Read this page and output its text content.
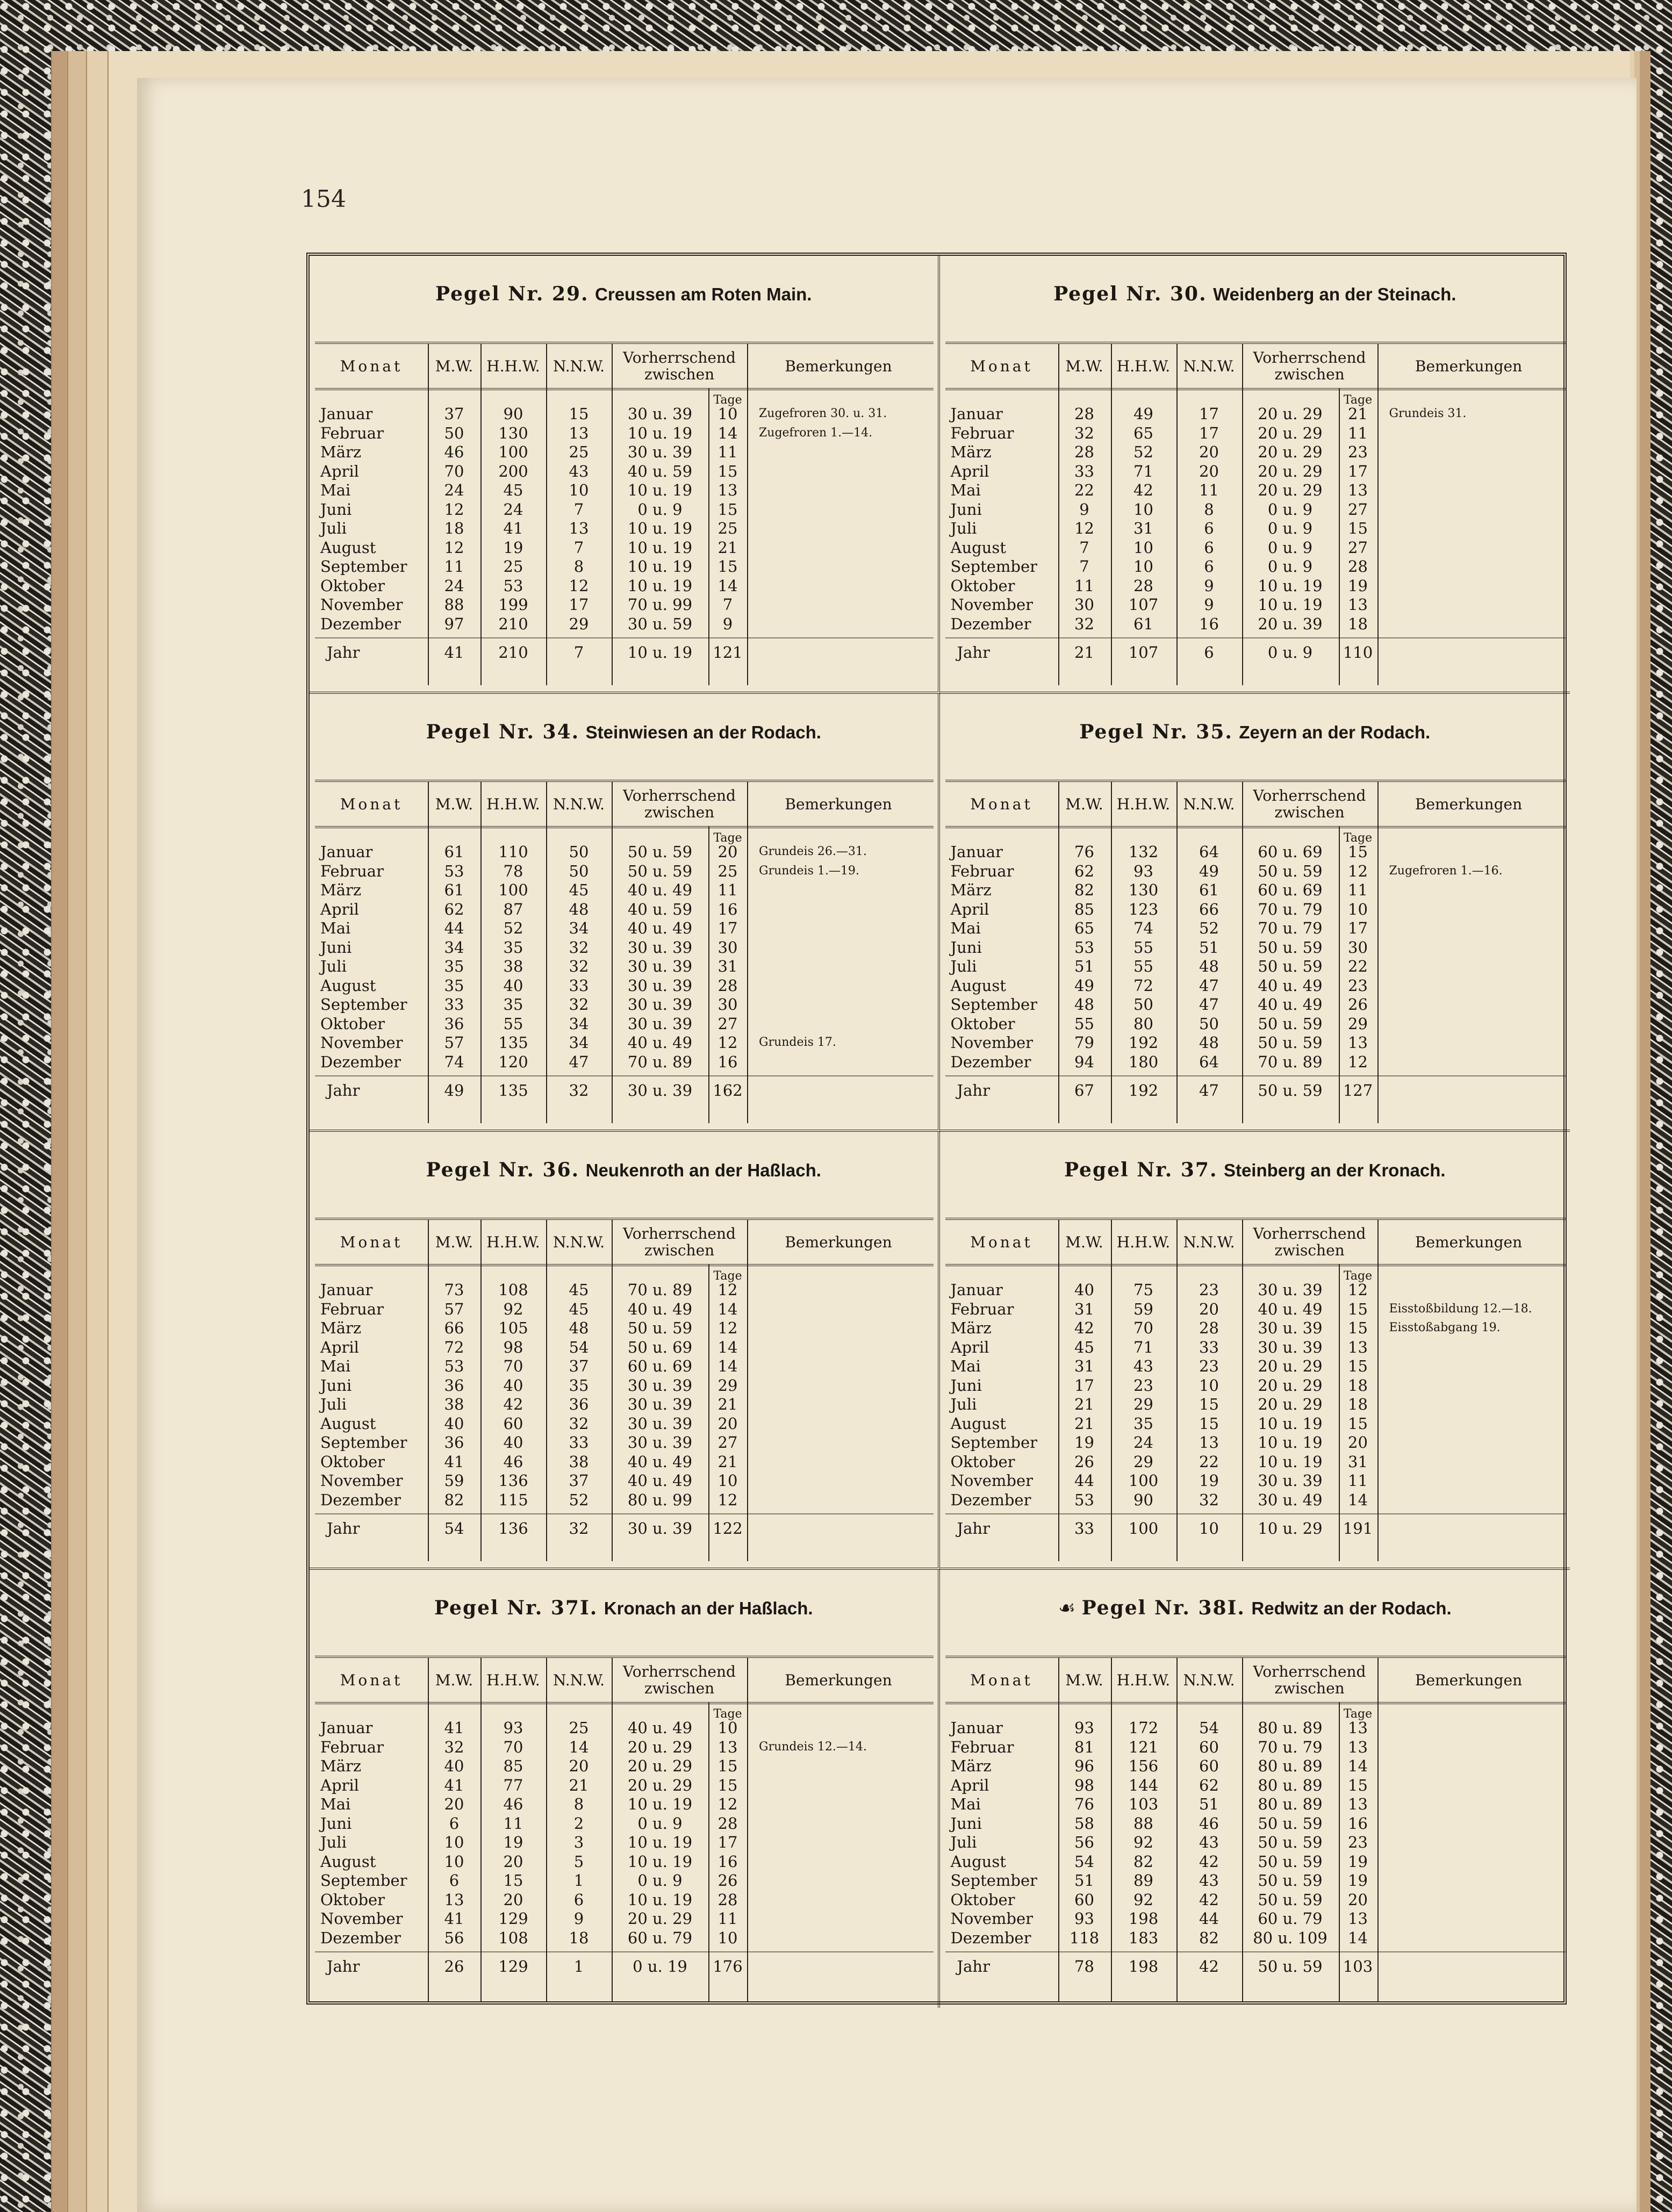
154
Pegel Nr. 29. Creussen am Roten Main.
Monat	M.W. H.H.W. N.N.W.	Vorherrschend zwischen	Bemerkungen
Tage
Januar	37	90	15	30 u. 39	10	Zugefroren 30. u. 31.
Februar	50	130	13	10 u. 19	14	Zugefroren 1.—14.
März	46	100	25	30 u. 39	11
April	70	200	43	40 u. 59	15
Mai	24	45	10	10 u. 19	13
Juni	12	24	7	0 u. 9	15
Juli	18	41	13	10 u. 19	25
August	12	19	7	10 u. 19	21
September	11	25	8	10 u. 19	15
Oktober	24	53	12	10 u. 19	14
November	88	199	17	70 u. 99	7
Dezember	97	210	29	30 u. 59	9
Jahr	41	210	7	10 u. 19	121
Pegel Nr. 30. Weidenberg an der Steinach.
Monat	M.W. H.H.W. N.N.W.	Vorherrschend zwischen	Bemerkungen
Tage
Januar	28	49	17	20 u. 29	21	Grundeis 31.
Februar	32	65	17	20 u. 29	11
März	28	52	20	20 u. 29	23
April	33	71	20	20 u. 29	17
Mai	22	42	11	20 u. 29	13
Juni	9	10	8	0 u. 9	27
Juli	12	31	6	0 u. 9	15
August	7	10	6	0 u. 9	27
September	7	10	6	0 u. 9	28
Oktober	11	28	9	10 u. 19	19
November	30	107	9	10 u. 19	13
Dezember	32	61	16	20 u. 39	18
Jahr	21	107	6	0 u. 9	110
Pegel Nr. 34. Steinwiesen an der Rodach.
Monat	M.W. H.H.W. N.N.W.	Vorherrschend zwischen	Bemerkungen
Tage
Januar	61	110	50	50 u. 59	20	Grundeis 26.—31.
Februar	53	78	50	50 u. 59	25	Grundeis 1.—19.
März	61	100	45	40 u. 49	11
April	62	87	48	40 u. 59	16
Mai	44	52	34	40 u. 49	17
Juni	34	35	32	30 u. 39	30
Juli	35	38	32	30 u. 39	31
August	35	40	33	30 u. 39	28
September	33	35	32	30 u. 39	30
Oktober	36	55	34	30 u. 39	27
November	57	135	34	40 u. 49	12	Grundeis 17.
Dezember	74	120	47	70 u. 89	16
Jahr	49	135	32	30 u. 39	162
Pegel Nr. 35. Zeyern an der Rodach.
Monat	M.W. H.H.W. N.N.W.	Vorherrschend zwischen	Bemerkungen
Tage
Januar	76	132	64	60 u. 69	15
Februar	62	93	49	50 u. 59	12	Zugefroren 1.—16.
März	82	130	61	60 u. 69	11
April	85	123	66	70 u. 79	10
Mai	65	74	52	70 u. 79	17
Juni	53	55	51	50 u. 59	30
Juli	51	55	48	50 u. 59	22
August	49	72	47	40 u. 49	23
September	48	50	47	40 u. 49	26
Oktober	55	80	50	50 u. 59	29
November	79	192	48	50 u. 59	13
Dezember	94	180	64	70 u. 89	12
Jahr	67	192	47	50 u. 59	127
Pegel Nr. 36. Neukenroth an der Haßlach.
Monat	M.W. H.H.W. N.N.W.	Vorherrschend zwischen	Bemerkungen
Tage
Januar	73	108	45	70 u. 89	12
Februar	57	92	45	40 u. 49	14
März	66	105	48	50 u. 59	12
April	72	98	54	50 u. 69	14
Mai	53	70	37	60 u. 69	14
Juni	36	40	35	30 u. 39	29
Juli	38	42	36	30 u. 39	21
August	40	60	32	30 u. 39	20
September	36	40	33	30 u. 39	27
Oktober	41	46	38	40 u. 49	21
November	59	136	37	40 u. 49	10
Dezember	82	115	52	80 u. 99	12
Jahr	54	136	32	30 u. 39	122
Pegel Nr. 37. Steinberg an der Kronach.
Monat	M.W. H.H.W. N.N.W.	Vorherrschend zwischen	Bemerkungen
Tage
Januar	40	75	23	30 u. 39	12
Februar	31	59	20	40 u. 49	15	Eisstoßbildung 12.—18.
März	42	70	28	30 u. 39	15	Eisstoßabgang 19.
April	45	71	33	30 u. 39	13
Mai	31	43	23	20 u. 29	15
Juni	17	23	10	20 u. 29	18
Juli	21	29	15	20 u. 29	18
August	21	35	15	10 u. 19	15
September	19	24	13	10 u. 19	20
Oktober	26	29	22	10 u. 19	31
November	44	100	19	30 u. 39	11
Dezember	53	90	32	30 u. 49	14
Jahr	33	100	10	10 u. 29	191
Pegel Nr. 37I. Kronach an der Haßlach.
Monat	M.W. H.H.W. N.N.W.	Vorherrschend zwischen	Bemerkungen
Tage
Januar	41	93	25	40 u. 49	10
Februar	32	70	14	20 u. 29	13	Grundeis 12.—14.
März	40	85	20	20 u. 29	15
April	41	77	21	20 u. 29	15
Mai	20	46	8	10 u. 19	12
Juni	6	11	2	0 u. 9	28
Juli	10	19	3	10 u. 19	17
August	10	20	5	10 u. 19	16
September	6	15	1	0 u. 9	26
Oktober	13	20	6	10 u. 19	28
November	41	129	9	20 u. 29	11
Dezember	56	108	18	60 u. 79	10
Jahr	26	129	1	0 u. 19	176
☙ Pegel Nr. 38I. Redwitz an der Rodach.
Monat	M.W. H.H.W. N.N.W.	Vorherrschend zwischen	Bemerkungen
Tage
Januar	93	172	54	80 u. 89	13
Februar	81	121	60	70 u. 79	13
März	96	156	60	80 u. 89	14
April	98	144	62	80 u. 89	15
Mai	76	103	51	80 u. 89	13
Juni	58	88	46	50 u. 59	16
Juli	56	92	43	50 u. 59	23
August	54	82	42	50 u. 59	19
September	51	89	43	50 u. 59	19
Oktober	60	92	42	50 u. 59	20
November	93	198	44	60 u. 79	13
Dezember	118	183	82	80 u. 109	14
Jahr	78	198	42	50 u. 59	103
